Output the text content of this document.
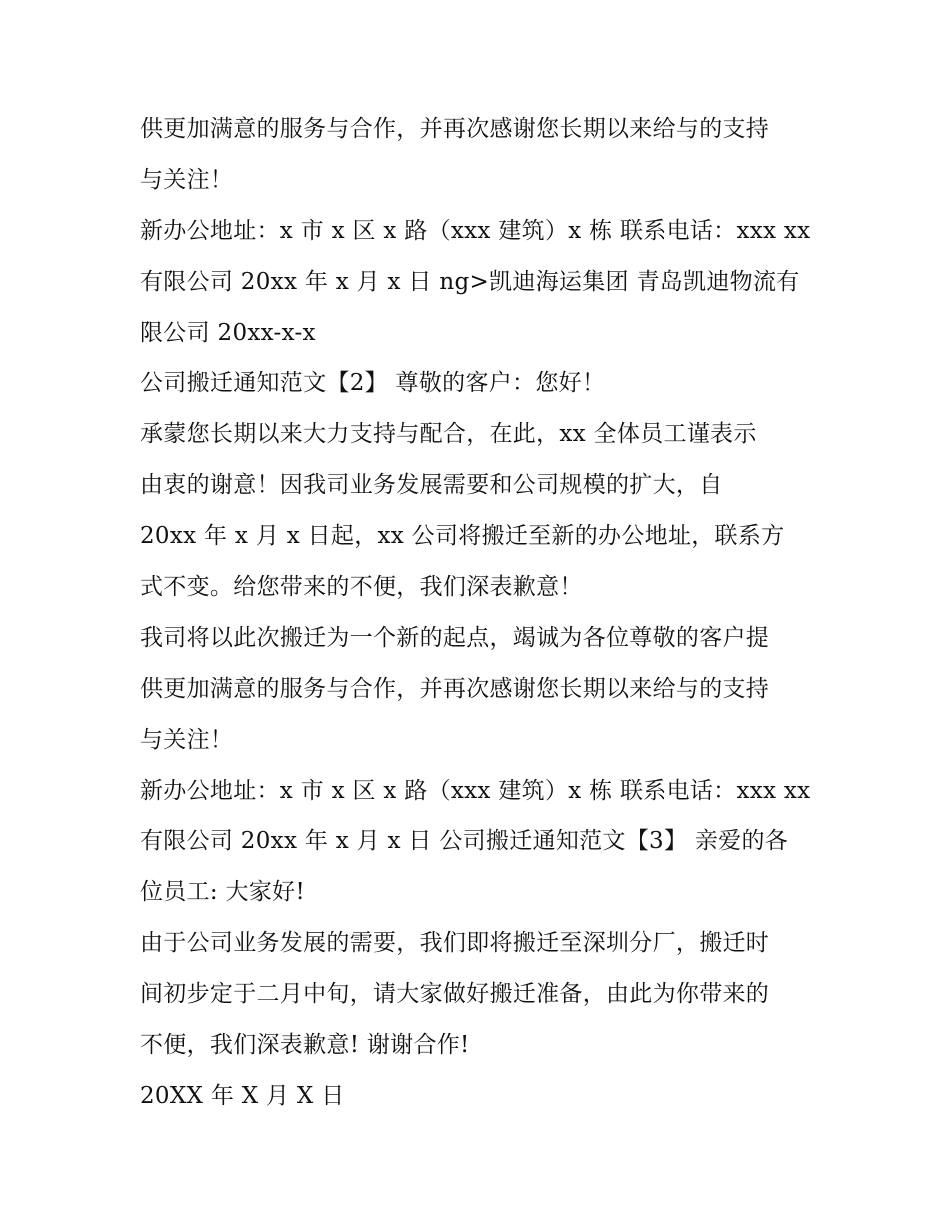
供更加满意的服务与合作，并再次感谢您长期以来给与的支持
与关注！
新办公地址：x 市 x 区 x 路（xxx 建筑）x 栋 联系电话：xxx xx
有限公司 20xx 年 x 月 x 日 ng>凯迪海运集团 青岛凯迪物流有
限公司 20xx-x-x
公司搬迁通知范文【2】 尊敬的客户：您好！
承蒙您长期以来大力支持与配合，在此，xx 全体员工谨表示
由衷的谢意！因我司业务发展需要和公司规模的扩大，自
20xx 年 x 月 x 日起，xx 公司将搬迁至新的办公地址，联系方
式不变。给您带来的不便，我们深表歉意！
我司将以此次搬迁为一个新的起点，竭诚为各位尊敬的客户提
供更加满意的服务与合作，并再次感谢您长期以来给与的支持
与关注！
新办公地址：x 市 x 区 x 路（xxx 建筑）x 栋 联系电话：xxx xx
有限公司 20xx 年 x 月 x 日 公司搬迁通知范文【3】 亲爱的各
位员工: 大家好!
由于公司业务发展的需要，我们即将搬迁至深圳分厂，搬迁时
间初步定于二月中旬，请大家做好搬迁准备，由此为你带来的
不便，我们深表歉意! 谢谢合作!
20XX 年 X 月 X 日
